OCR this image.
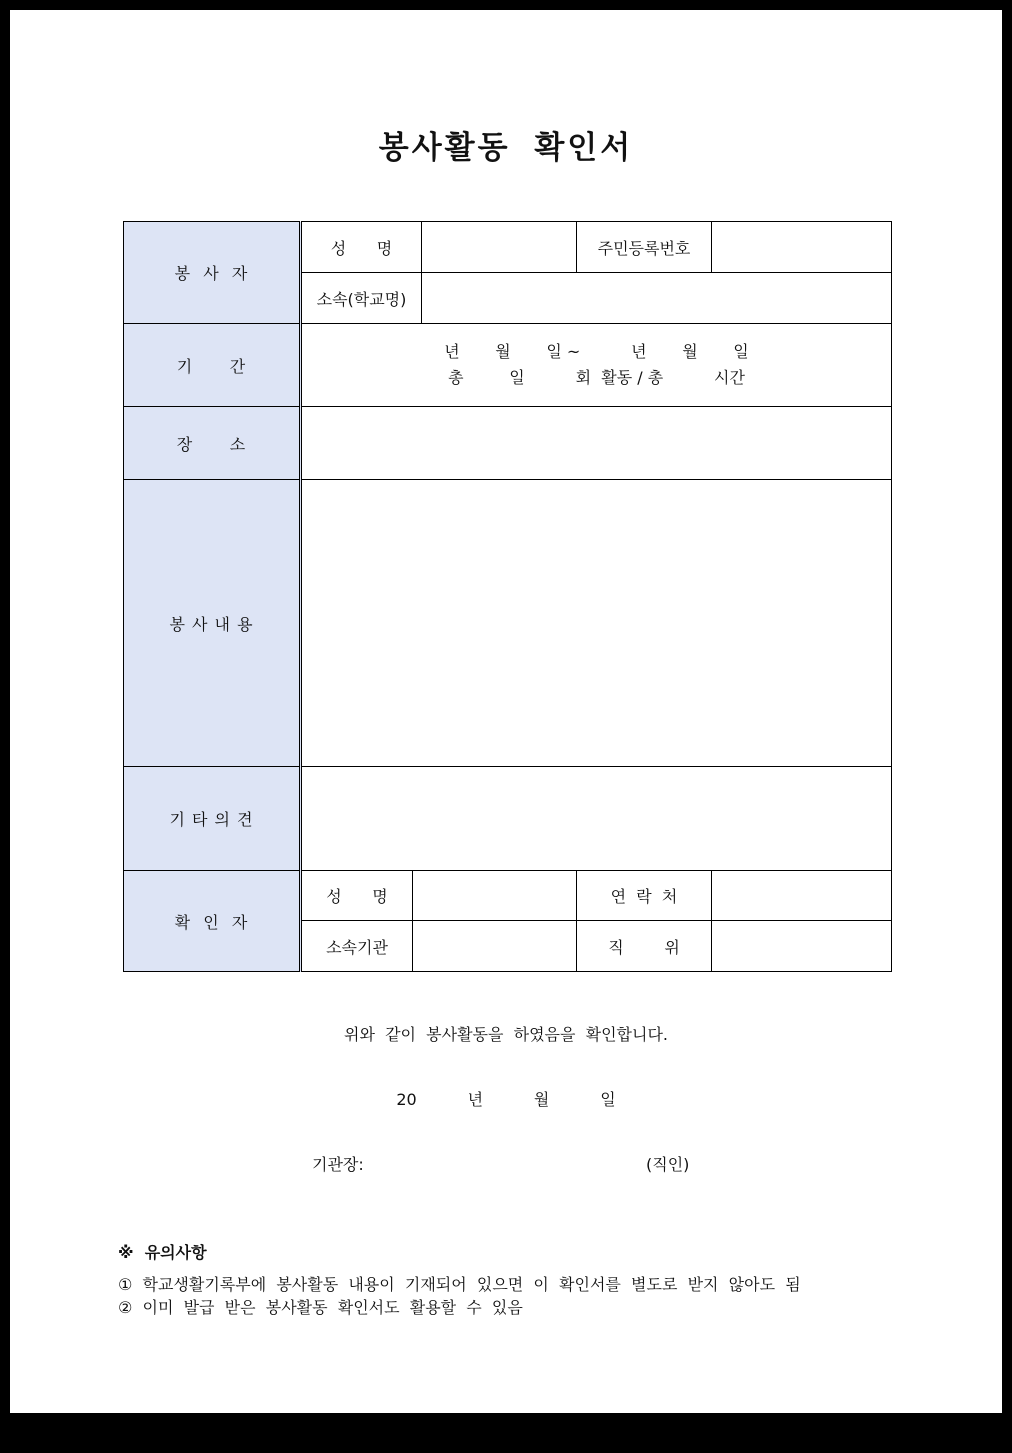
봉사활동 확인서
봉  사  자	성      명			주민등록번호	
	소속(학교명)				
기      간	년       월       일 ~          년       월       일
총         일          회  활동 / 총          시간				

장      소					
봉 사 내 용					
기 타 의 견					
확  인  자	성      명			연  락  처	
	소속기관			직        위	
위와  같이  봉사활동을  하였음을  확인합니다.
20          년          월          일
기관장:	(직인)
※  유의사항
①  학교생활기록부에  봉사활동  내용이  기재되어  있으면  이  확인서를  별도로  받지  않아도  됨
②  이미  발급  받은  봉사활동  확인서도  활용할  수  있음
